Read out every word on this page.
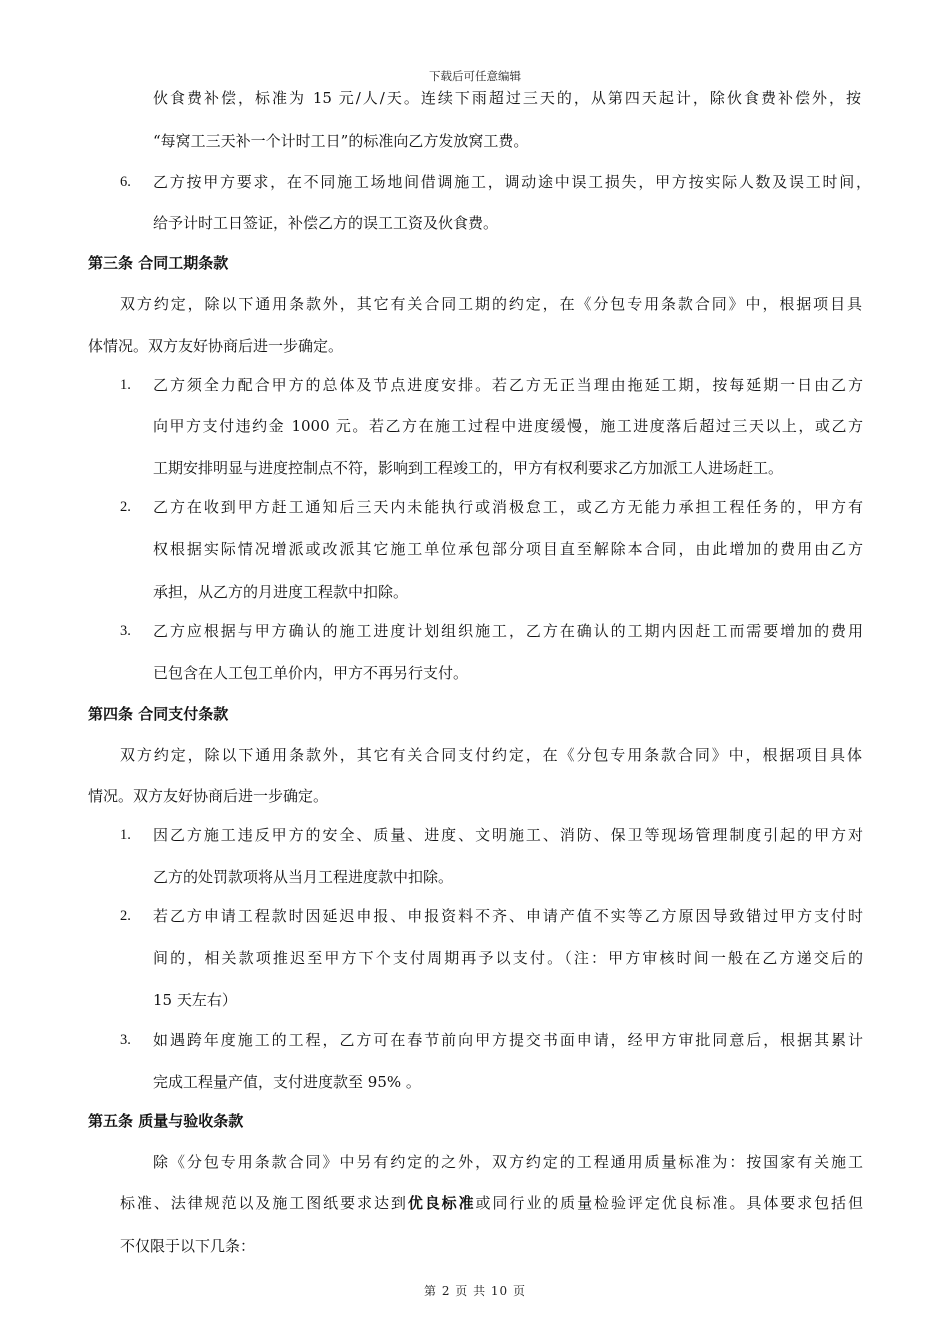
下载后可任意编辑
伙食费补偿，标准为 15 元/人/天。连续下雨超过三天的，从第四天起计，除伙食费补偿外，按
“每窝工三天补一个计时工日”的标准向乙方发放窝工费。
6. 乙方按甲方要求，在不同施工场地间借调施工，调动途中误工损失，甲方按实际人数及误工时间，
给予计时工日签证，补偿乙方的误工工资及伙食费。
第三条 合同工期条款
双方约定，除以下通用条款外，其它有关合同工期的约定，在《分包专用条款合同》中，根据项目具
体情况。双方友好协商后进一步确定。
1. 乙方须全力配合甲方的总体及节点进度安排。若乙方无正当理由拖延工期，按每延期一日由乙方
向甲方支付违约金 1000 元。若乙方在施工过程中进度缓慢，施工进度落后超过三天以上，或乙方
工期安排明显与进度控制点不符，影响到工程竣工的，甲方有权利要求乙方加派工人进场赶工。
2. 乙方在收到甲方赶工通知后三天内未能执行或消极怠工，或乙方无能力承担工程任务的，甲方有
权根据实际情况增派或改派其它施工单位承包部分项目直至解除本合同，由此增加的费用由乙方
承担，从乙方的月进度工程款中扣除。
3. 乙方应根据与甲方确认的施工进度计划组织施工，乙方在确认的工期内因赶工而需要增加的费用
已包含在人工包工单价内，甲方不再另行支付。
第四条 合同支付条款
双方约定，除以下通用条款外，其它有关合同支付约定，在《分包专用条款合同》中，根据项目具体
情况。双方友好协商后进一步确定。
1. 因乙方施工违反甲方的安全、质量、进度、文明施工、消防、保卫等现场管理制度引起的甲方对
乙方的处罚款项将从当月工程进度款中扣除。
2. 若乙方申请工程款时因延迟申报、申报资料不齐、申请产值不实等乙方原因导致错过甲方支付时
间的，相关款项推迟至甲方下个支付周期再予以支付。（注：甲方审核时间一般在乙方递交后的
15 天左右）
3. 如遇跨年度施工的工程，乙方可在春节前向甲方提交书面申请，经甲方审批同意后，根据其累计
完成工程量产值，支付进度款至 95% 。
第五条 质量与验收条款
除《分包专用条款合同》中另有约定的之外，双方约定的工程通用质量标准为：按国家有关施工
标准、法律规范以及施工图纸要求达到优良标准或同行业的质量检验评定优良标准。具体要求包括但
不仅限于以下几条：
第 2 页 共 10 页
